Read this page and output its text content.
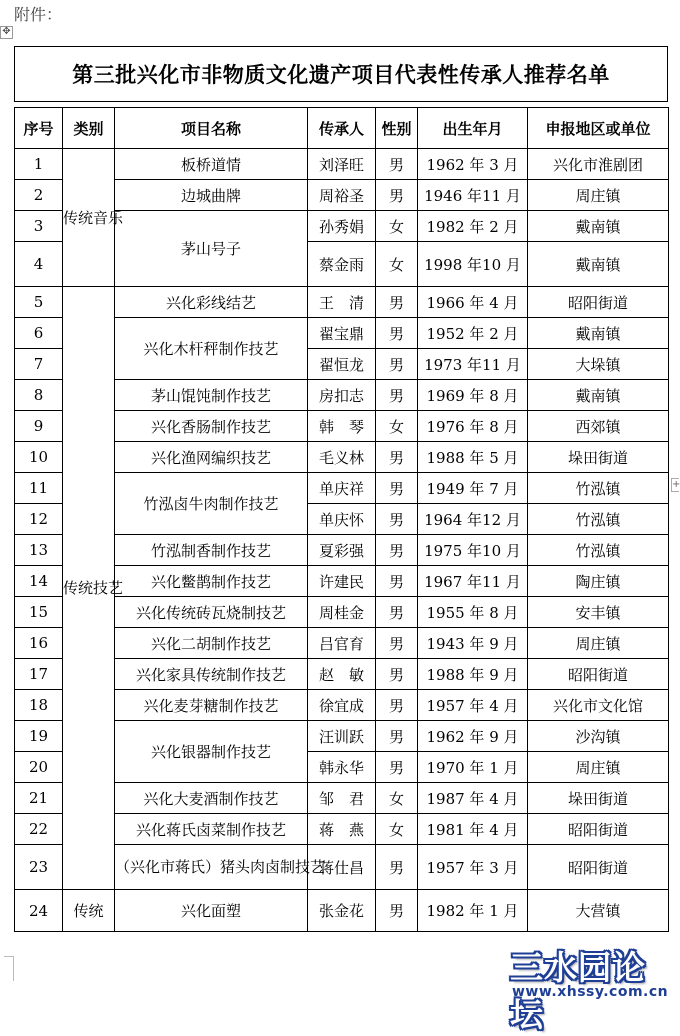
附件：
✥
+
第三批兴化市非物质文化遗产项目代表性传承人推荐名单
序号	类别	项目名称	传承人	性别	出生年月	申报地区或单位
1	传统音乐	板桥道情	刘泽旺	男	1962 年 3 月	兴化市淮剧团
2		边城曲牌	周裕圣	男	1946 年11 月	周庄镇
3		茅山号子	孙秀娟	女	1982 年 2 月	戴南镇
4			蔡金雨	女	1998 年10 月	戴南镇
5	传统技艺	兴化彩线结艺	王　清	男	1966 年 4 月	昭阳街道
6		兴化木杆秤制作技艺	翟宝鼎	男	1952 年 2 月	戴南镇
7			翟恒龙	男	1973 年11 月	大垛镇
8		茅山馄饨制作技艺	房扣志	男	1969 年 8 月	戴南镇
9		兴化香肠制作技艺	韩　琴	女	1976 年 8 月	西郊镇
10		兴化渔网编织技艺	毛义林	男	1988 年 5 月	垛田街道
11		竹泓卤牛肉制作技艺	单庆祥	男	1949 年 7 月	竹泓镇
12			单庆怀	男	1964 年12 月	竹泓镇
13		竹泓制香制作技艺	夏彩强	男	1975 年10 月	竹泓镇
14		兴化鳖鹊制作技艺	许建民	男	1967 年11 月	陶庄镇
15		兴化传统砖瓦烧制技艺	周桂金	男	1955 年 8 月	安丰镇
16		兴化二胡制作技艺	吕官育	男	1943 年 9 月	周庄镇
17		兴化家具传统制作技艺	赵　敏	男	1988 年 9 月	昭阳街道
18		兴化麦芽糖制作技艺	徐宜成	男	1957 年 4 月	兴化市文化馆
19		兴化银器制作技艺	汪训跃	男	1962 年 9 月	沙沟镇
20			韩永华	男	1970 年 1 月	周庄镇
21		兴化大麦酒制作技艺	邹　君	女	1987 年 4 月	垛田街道
22		兴化蒋氏卤菜制作技艺	蒋　燕	女	1981 年 4 月	昭阳街道
23		（兴化市蒋氏）猪头肉卤制技艺	蒋仕昌	男	1957 年 3 月	昭阳街道
24	传统	兴化面塑	张金花	男	1982 年 1 月	大营镇
三水园论坛
www.xhssy.com.cn
